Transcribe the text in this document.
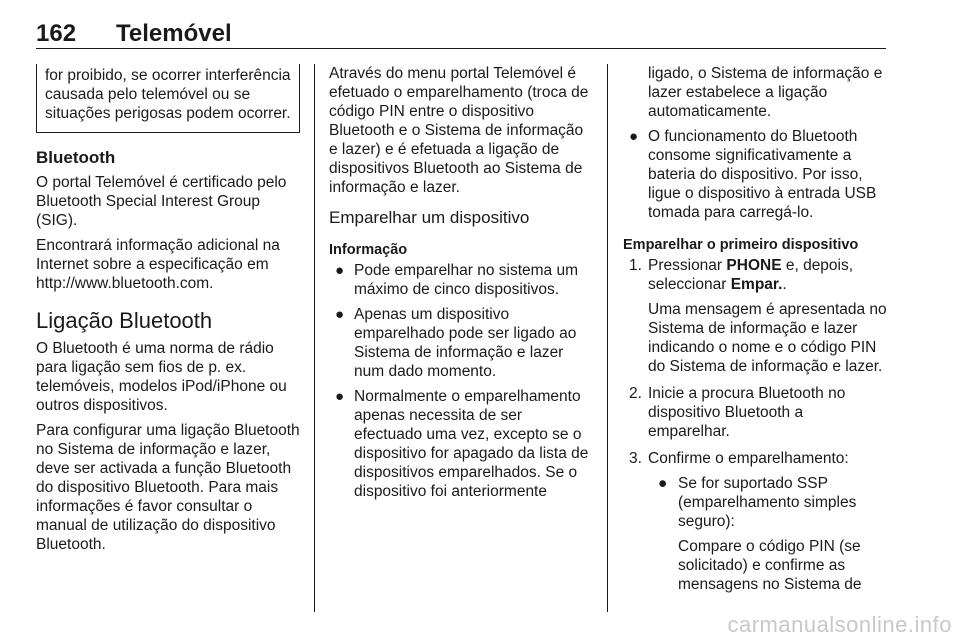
162 Telemóvel
for proibido, se ocorrer interferência causada pelo telemóvel ou se situações perigosas podem ocorrer.
Bluetooth

O portal Telemóvel é certificado pelo Bluetooth Special Interest Group (SIG).

Encontrará informação adicional na Internet sobre a especificação em http://www.bluetooth.com.

Ligação Bluetooth

O Bluetooth é uma norma de rádio para ligação sem fios de p. ex. telemóveis, modelos iPod/iPhone ou outros dispositivos.

Para configurar uma ligação Bluetooth no Sistema de informação e lazer, deve ser activada a função Bluetooth do dispositivo Bluetooth. Para mais informações é favor consultar o manual de utilização do dispositivo Bluetooth.

Através do menu portal Telemóvel é efetuado o emparelhamento (troca de código PIN entre o dispositivo Bluetooth e o Sistema de informação e lazer) e é efetuada a ligação de dispositivos Bluetooth ao Sistema de informação e lazer.

Emparelhar um dispositivo
Informação
● Pode emparelhar no sistema um máximo de cinco dispositivos.
● Apenas um dispositivo emparelhado pode ser ligado ao Sistema de informação e lazer num dado momento.
● Normalmente o emparelhamento apenas necessita de ser efectuado uma vez, excepto se o dispositivo for apagado da lista de dispositivos emparelhados. Se o dispositivo foi anteriormente
ligado, o Sistema de informação e lazer estabelece a ligação automaticamente.
● O funcionamento do Bluetooth consome significativamente a bateria do dispositivo. Por isso, ligue o dispositivo à entrada USB tomada para carregá-lo.
Emparelhar o primeiro dispositivo
1. Pressionar PHONE e, depois, seleccionar Empar..

Uma mensagem é apresentada no Sistema de informação e lazer indicando o nome e o código PIN do Sistema de informação e lazer.

2. Inicie a procura Bluetooth no dispositivo Bluetooth a emparelhar.

3. Confirme o emparelhamento:

● Se for suportado SSP (emparelhamento simples seguro):

Compare o código PIN (se solicitado) e confirme as mensagens no Sistema de

carmanualsonline.info
